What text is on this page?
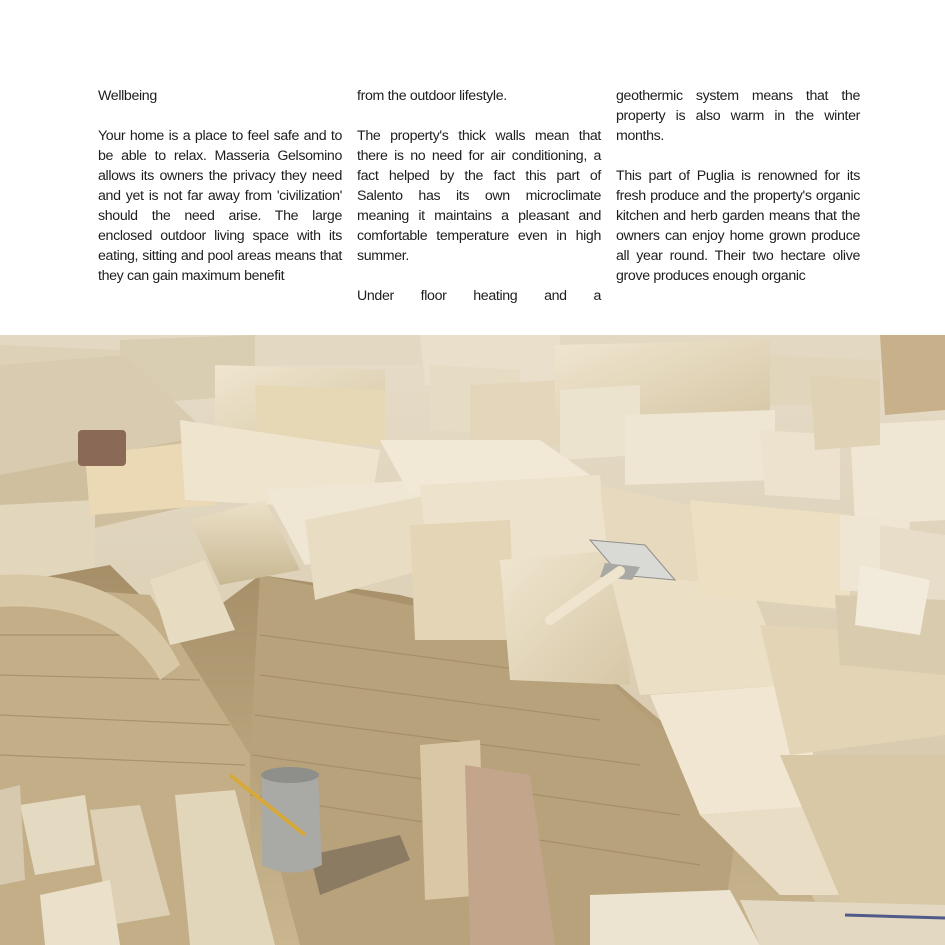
Wellbeing

Your home is a place to feel safe and to be able to relax. Masseria Gelsomino allows its owners the privacy they need and yet is not far away from 'civilization' should the need arise. The large enclosed outdoor living space with its eating, sitting and pool areas means that they can gain maximum benefit

from the outdoor lifestyle.

The property's thick walls mean that there is no need for air conditioning, a fact helped by the fact this part of Salento has its own microclimate meaning it maintains a pleasant and comfortable temperature even in high summer.

Under floor heating and a

geothermic system means that the property is also warm in the winter months.

This part of Puglia is renowned for its fresh produce and the property's organic kitchen and herb garden means that the owners can enjoy home grown produce all year round. Their two hectare olive grove produces enough organic
